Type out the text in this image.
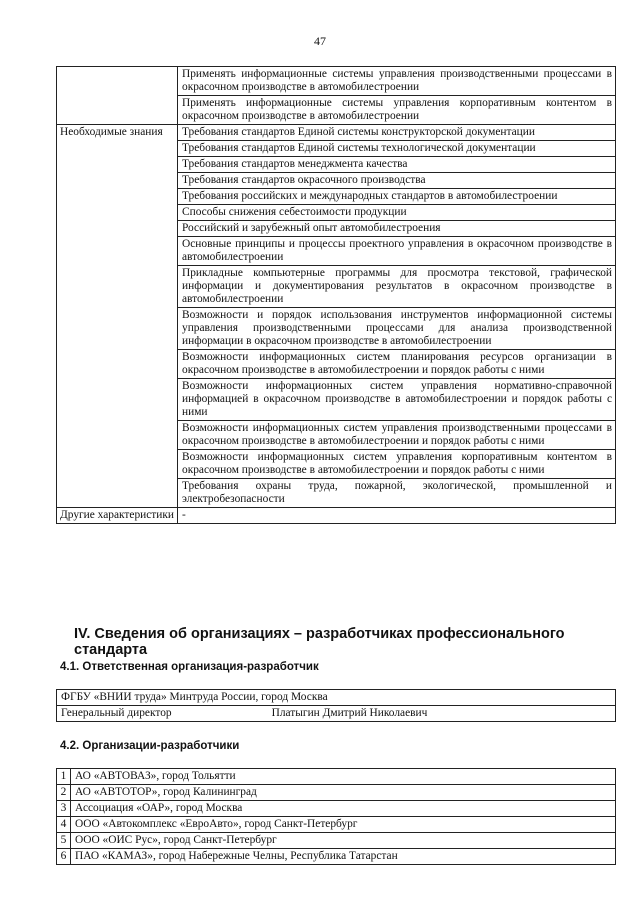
47
	Применять информационные системы управления производственными процессами в окрасочном производстве в автомобилестроении
	Применять информационные системы управления корпоративным контентом в окрасочном производстве в автомобилестроении
Необходимые знания	Требования стандартов Единой системы конструкторской документации
	Требования стандартов Единой системы технологической документации
	Требования стандартов менеджмента качества
	Требования стандартов окрасочного производства
	Требования российских и международных стандартов в автомобилестроении
	Способы снижения себестоимости продукции
	Российский и зарубежный опыт автомобилестроения
	Основные принципы и процессы проектного управления в окрасочном производстве в автомобилестроении
	Прикладные компьютерные программы для просмотра текстовой, графической информации и документирования результатов в окрасочном производстве в автомобилестроении
	Возможности и порядок использования инструментов информационной системы управления производственными процессами для анализа производственной информации в окрасочном производстве в автомобилестроении
	Возможности информационных систем планирования ресурсов организации в окрасочном производстве в автомобилестроении и порядок работы с ними
	Возможности информационных систем управления нормативно-справочной информацией в окрасочном производстве в автомобилестроении и порядок работы с ними
	Возможности информационных систем управления производственными процессами в окрасочном производстве в автомобилестроении и порядок работы с ними
	Возможности информационных систем управления корпоративным контентом в окрасочном производстве в автомобилестроении и порядок работы с ними
	Требования охраны труда, пожарной, экологической, промышленной и электробезопасности
Другие характеристики	-
IV. Сведения об организациях – разработчиках профессионального стандарта
4.1. Ответственная организация-разработчик
ФГБУ «ВНИИ труда» Минтруда России, город Москва

Генеральный директор	Платыгин Дмитрий Николаевич
4.2. Организации-разработчики
1	АО «АВТОВАЗ», город Тольятти
2	АО «АВТОТОР», город Калининград
3	Ассоциация «ОАР», город Москва
4	ООО «Автокомплекс «ЕвроАвто», город Санкт-Петербург
5	ООО «ОИС Рус», город Санкт-Петербург
6	ПАО «КАМАЗ», город Набережные Челны, Республика Татарстан
